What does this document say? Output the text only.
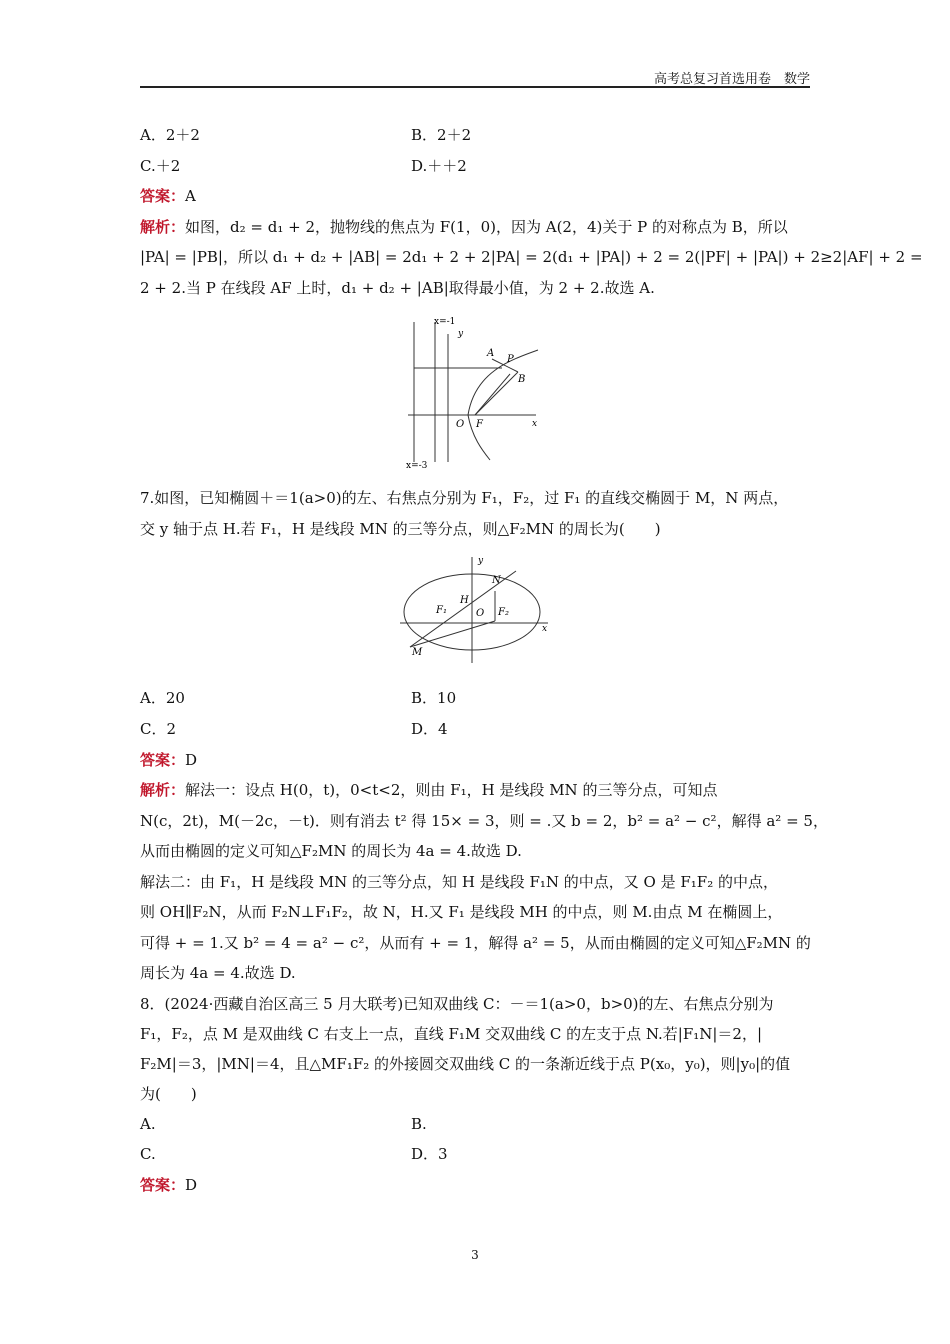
高考总复习首选用卷　数学
A．2＋2	B．2＋2
C.＋2	D.＋＋2
答案：A
解析：如图，d₂ = d₁ + 2，抛物线的焦点为 F(1，0)，因为 A(2，4)关于 P 的对称点为 B，所以
|PA| = |PB|，所以 d₁ + d₂ + |AB| = 2d₁ + 2 + 2|PA| = 2(d₁ + |PA|) + 2 = 2(|PF| + |PA|) + 2≥2|AF| + 2 =
2 + 2.当 P 在线段 AF 上时，d₁ + d₂ + |AB|取得最小值，为 2 + 2.故选 A.
x=-1
x=-3
y
x
O F
A
P
B
7.如图，已知椭圆＋＝1(a>0)的左、右焦点分别为 F₁，F₂，过 F₁ 的直线交椭圆于 M，N 两点，
交 y 轴于点 H.若 F₁，H 是线段 MN 的三等分点，则△F₂MN 的周长为(　　)
y
x
N
H
O
F₁	F₂
M
A．20	B．10
C．2	D．4
答案：D
解析：解法一：设点 H(0，t)，0<t<2，则由 F₁，H 是线段 MN 的三等分点，可知点
N(c，2t)，M(－2c，－t)．则有消去 t² 得 15× = 3，则 = .又 b = 2，b² = a² − c²，解得 a² = 5，
从而由椭圆的定义可知△F₂MN 的周长为 4a = 4.故选 D.
解法二：由 F₁，H 是线段 MN 的三等分点，知 H 是线段 F₁N 的中点，又 O 是 F₁F₂ 的中点，
则 OH∥F₂N，从而 F₂N⊥F₁F₂，故 N，H.又 F₁ 是线段 MH 的中点，则 M.由点 M 在椭圆上，
可得 + = 1.又 b² = 4 = a² − c²，从而有 + = 1，解得 a² = 5，从而由椭圆的定义可知△F₂MN 的
周长为 4a = 4.故选 D.
8．(2024·西藏自治区高三 5 月大联考)已知双曲线 C：－＝1(a>0，b>0)的左、右焦点分别为
F₁，F₂，点 M 是双曲线 C 右支上一点，直线 F₁M 交双曲线 C 的左支于点 N.若|F₁N|＝2，|
F₂M|＝3，|MN|＝4，且△MF₁F₂ 的外接圆交双曲线 C 的一条渐近线于点 P(x₀，y₀)，则|y₀|的值
为(　　)
A.	B.
C.	D．3
答案：D
3
